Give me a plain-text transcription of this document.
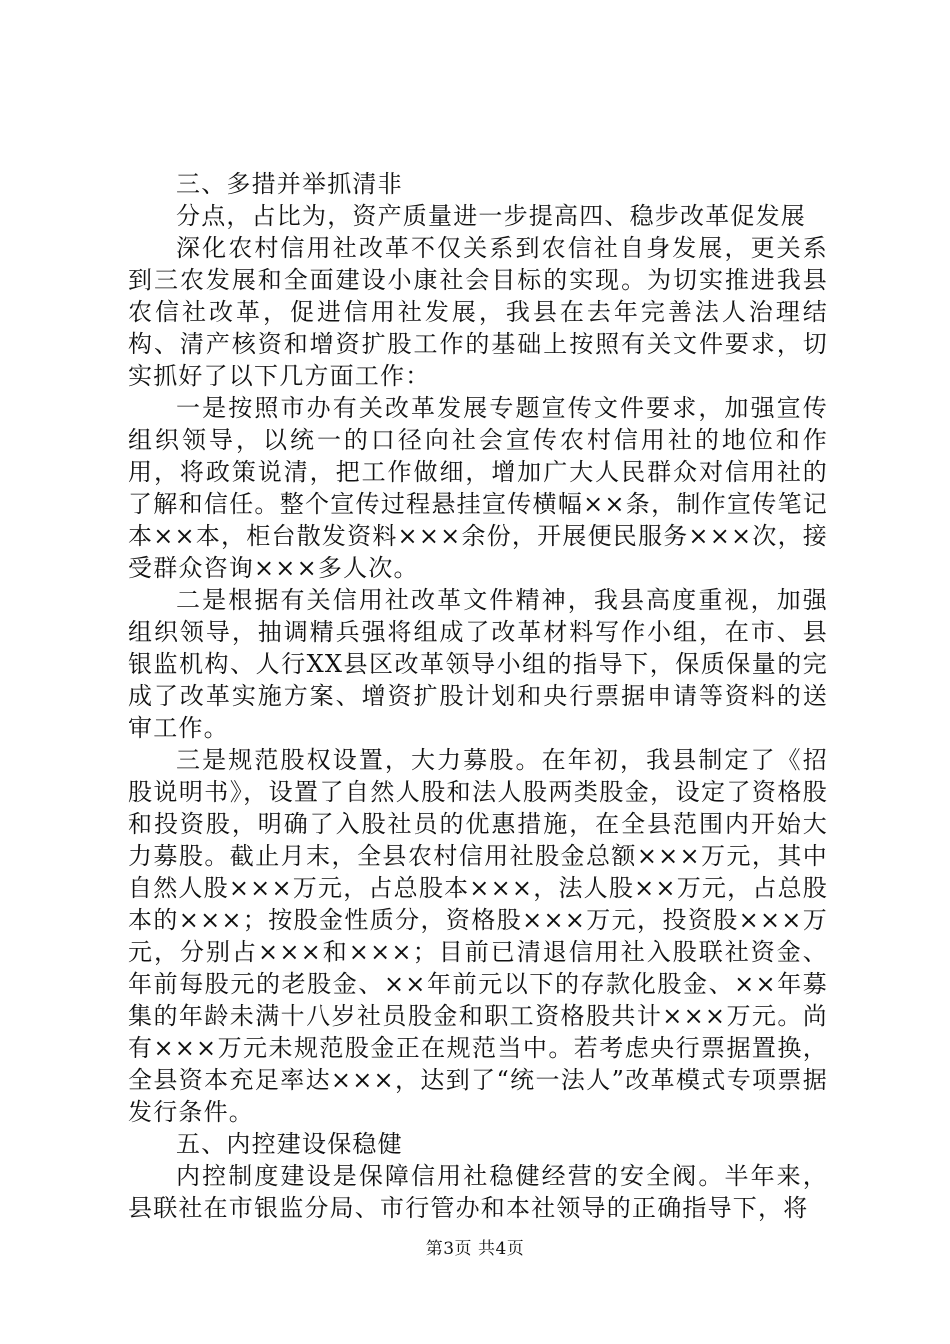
三、多措并举抓清非

分点，占比为，资产质量进一步提高四、稳步改革促发展

深化农村信用社改革不仅关系到农信社自身发展，更关系到三农发展和全面建设小康社会目标的实现。为切实推进我县农信社改革，促进信用社发展，我县在去年完善法人治理结构、清产核资和增资扩股工作的基础上按照有关文件要求，切实抓好了以下几方面工作：

一是按照市办有关改革发展专题宣传文件要求，加强宣传组织领导，以统一的口径向社会宣传农村信用社的地位和作用，将政策说清，把工作做细，增加广大人民群众对信用社的了解和信任。整个宣传过程悬挂宣传横幅××条，制作宣传笔记本××本，柜台散发资料×××余份，开展便民服务×××次，接受群众咨询×××多人次。

二是根据有关信用社改革文件精神，我县高度重视，加强组织领导，抽调精兵强将组成了改革材料写作小组，在市、县银监机构、人行XX县区改革领导小组的指导下，保质保量的完成了改革实施方案、增资扩股计划和央行票据申请等资料的送审工作。

三是规范股权设置，大力募股。在年初，我县制定了《招股说明书》，设置了自然人股和法人股两类股金，设定了资格股和投资股，明确了入股社员的优惠措施，在全县范围内开始大力募股。截止月末，全县农村信用社股金总额×××万元，其中自然人股×××万元，占总股本×××，法人股××万元，占总股本的×××；按股金性质分，资格股×××万元，投资股×××万元，分别占×××和×××；目前已清退信用社入股联社资金、年前每股元的老股金、××年前元以下的存款化股金、××年募集的年龄未满十八岁社员股金和职工资格股共计×××万元。尚有×××万元未规范股金正在规范当中。若考虑央行票据置换，全县资本充足率达×××，达到了“统一法人”改革模式专项票据发行条件。

五、内控建设保稳健

内控制度建设是保障信用社稳健经营的安全阀。半年来，县联社在市银监分局、市行管办和本社领导的正确指导下，将

第3页 共4页
